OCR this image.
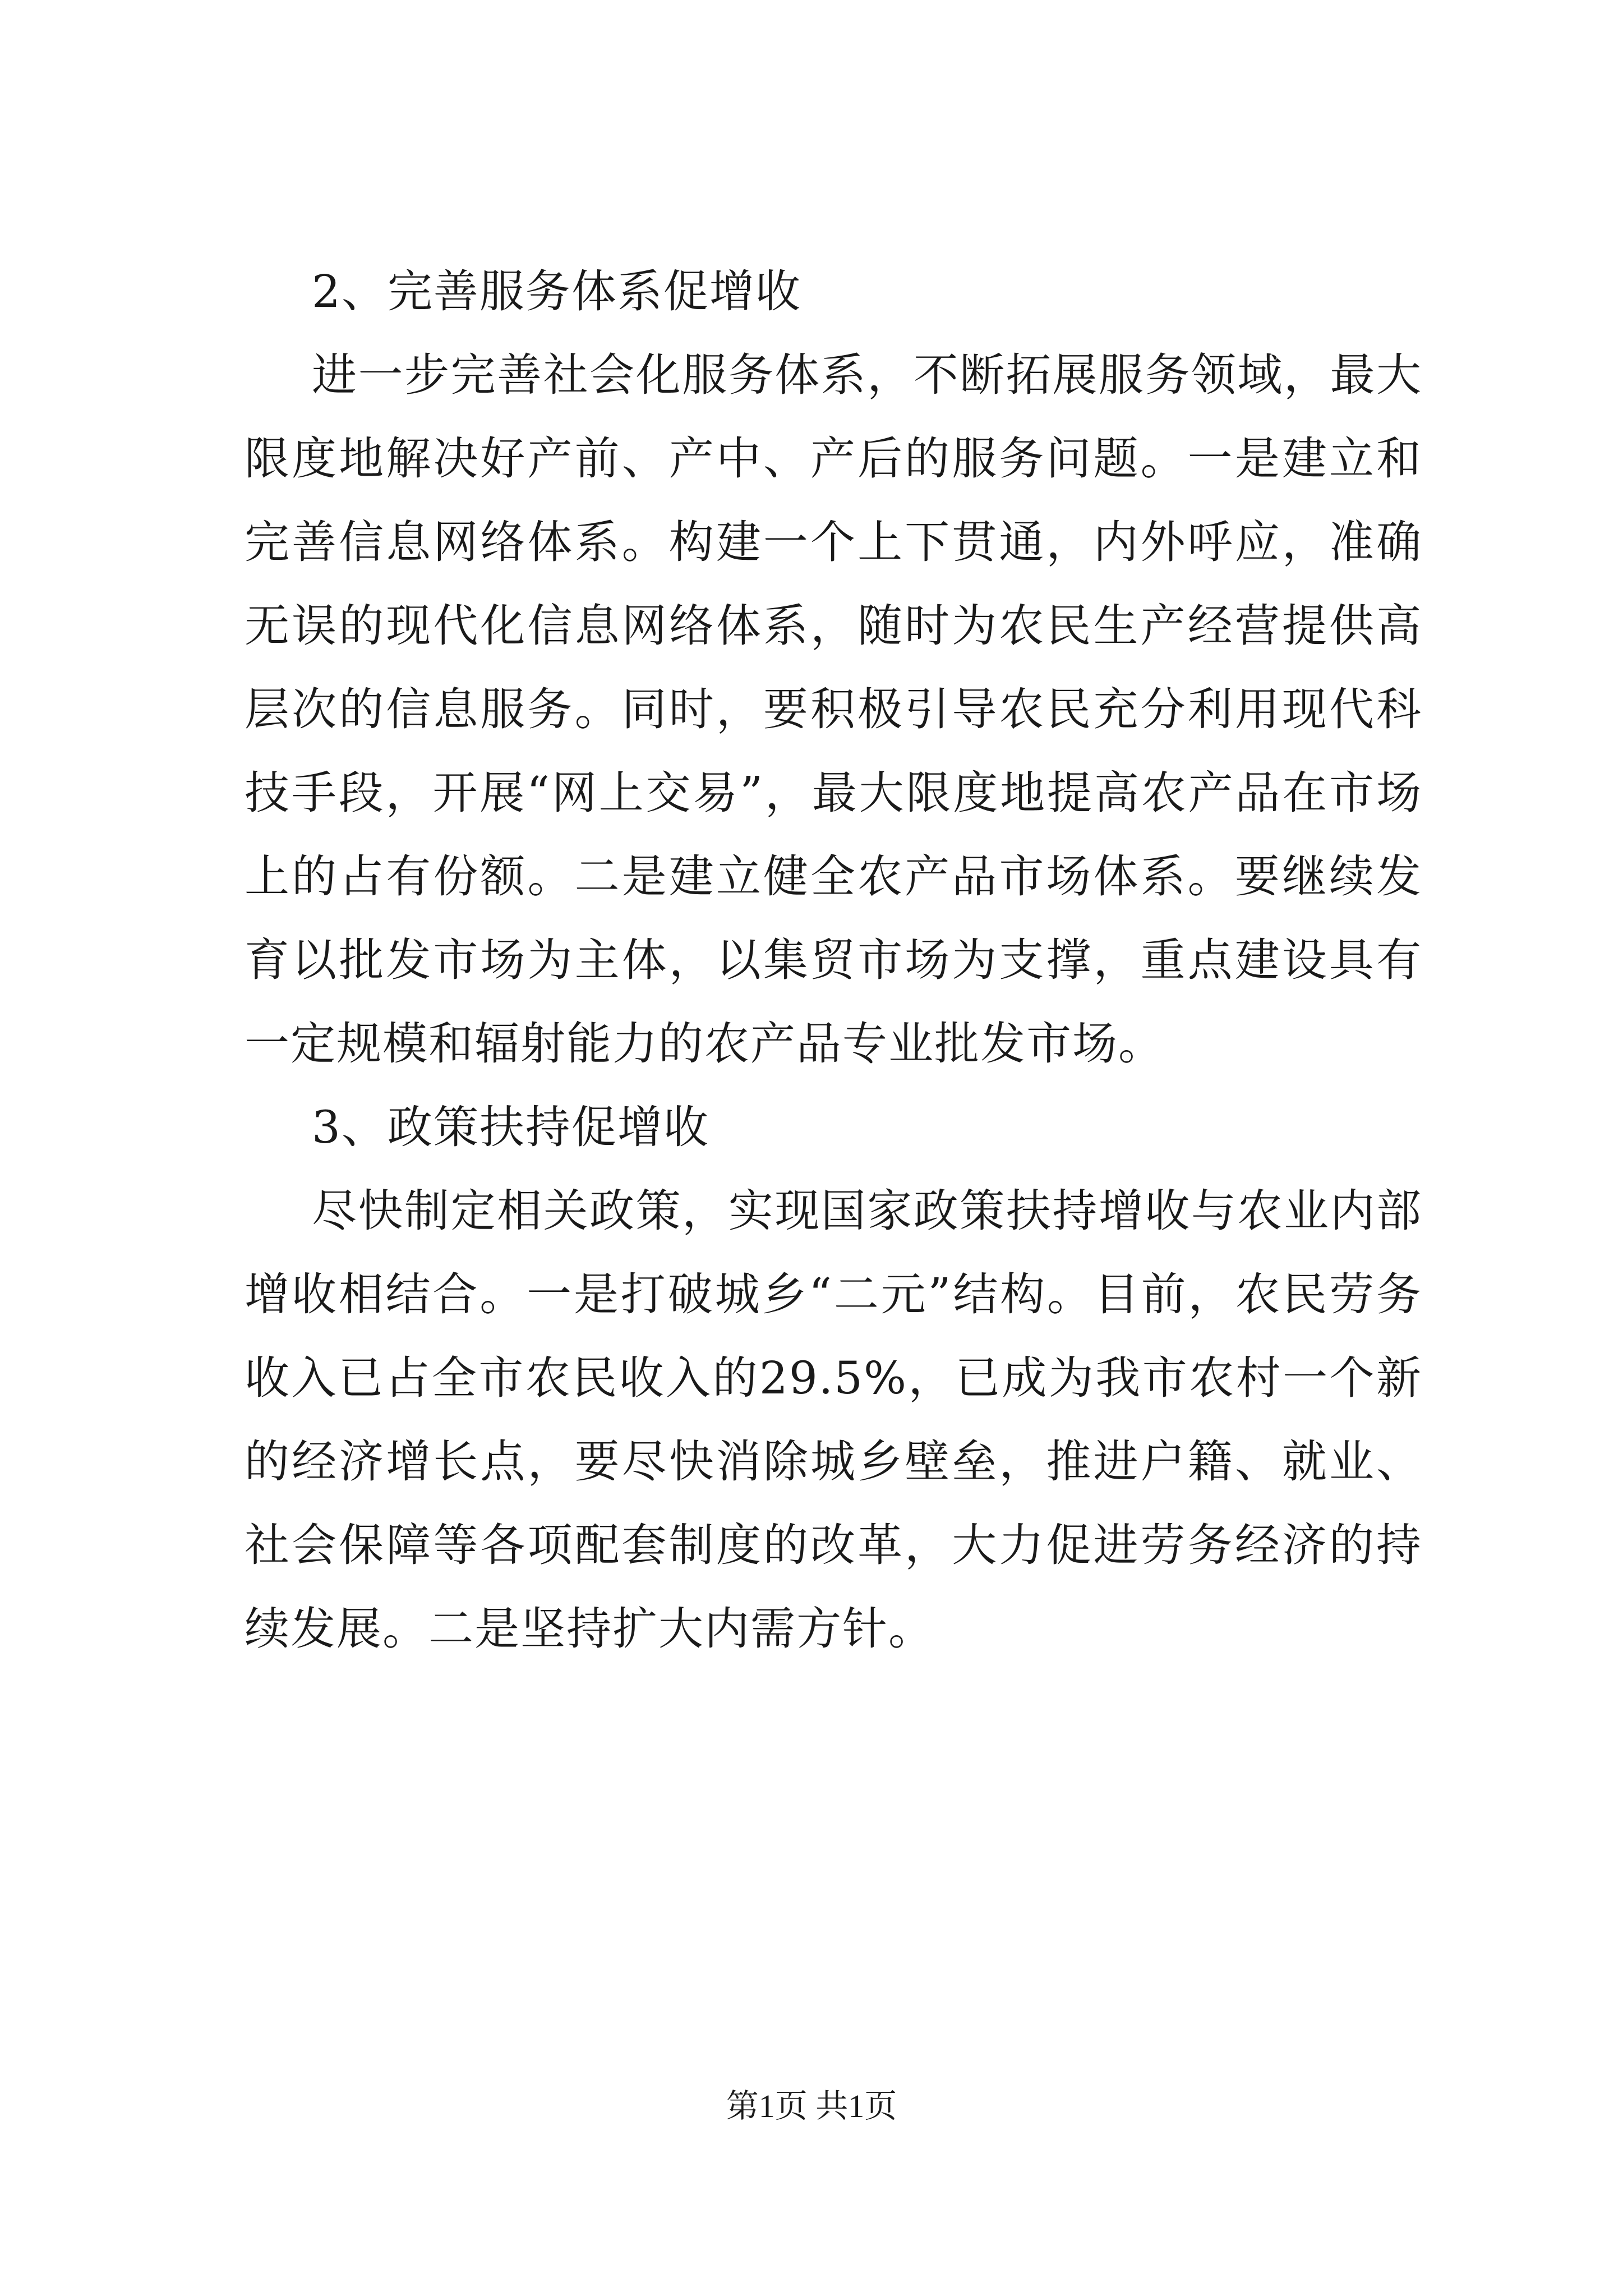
2、完善服务体系促增收

进一步完善社会化服务体系，不断拓展服务领域，最大限度地解决好产前、产中、产后的服务问题。一是建立和完善信息网络体系。构建一个上下贯通，内外呼应，准确无误的现代化信息网络体系，随时为农民生产经营提供高层次的信息服务。同时，要积极引导农民充分利用现代科技手段，开展“网上交易”，最大限度地提高农产品在市场上的占有份额。二是建立健全农产品市场体系。要继续发育以批发市场为主体，以集贸市场为支撑，重点建设具有一定规模和辐射能力的农产品专业批发市场。

3、政策扶持促增收

尽快制定相关政策，实现国家政策扶持增收与农业内部增收相结合。一是打破城乡“二元”结构。目前，农民劳务收入已占全市农民收入的29.5%，已成为我市农村一个新的经济增长点，要尽快消除城乡壁垒，推进户籍、就业、社会保障等各项配套制度的改革，大力促进劳务经济的持续发展。二是坚持扩大内需方针。

第1页 共1页
